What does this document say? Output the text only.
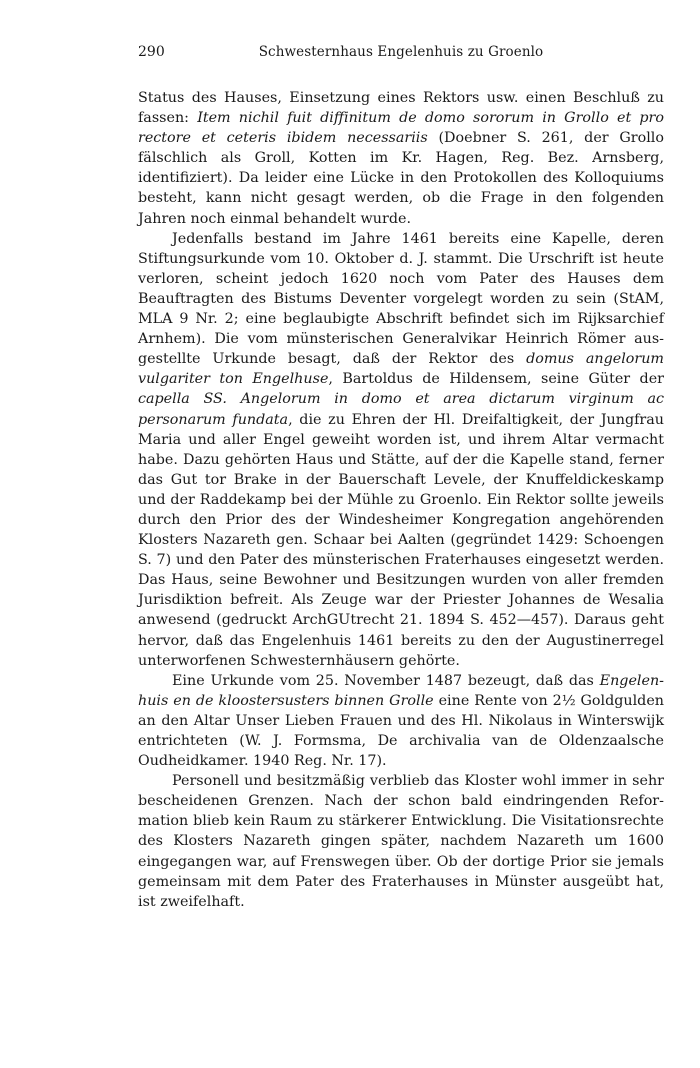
290	Schwesternhaus Engelenhuis zu Groenlo

Status des Hauses, Einsetzung eines Rektors usw. einen Beschluß zu fassen: Item nichil fuit diffinitum de domo sororum in Grollo et pro rectore et ceteris ibidem necessariis (Doebner S. 261, der Grollo fälschlich als Groll, Kotten im Kr. Hagen, Reg. Bez. Arnsberg, identifiziert). Da leider eine Lücke in den Protokollen des Kolloquiums besteht, kann nicht gesagt werden, ob die Frage in den folgenden Jahren noch einmal behandelt wurde.

Jedenfalls bestand im Jahre 1461 bereits eine Kapelle, deren Stiftungsurkunde vom 10. Oktober d. J. stammt. Die Urschrift ist heute verloren, scheint jedoch 1620 noch vom Pater des Hauses dem Beauftragten des Bistums Deventer vorgelegt worden zu sein (StAM, MLA 9 Nr. 2; eine beglaubigte Abschrift befindet sich im Rijksarchief Arnhem). Die vom münsterischen Generalvikar Heinrich Römer ausgestellte Urkunde besagt, daß der Rektor des domus angelorum vulgariter ton Engelhuse, Bartoldus de Hildensem, seine Güter der capella SS. Angelorum in domo et area dictarum virginum ac personarum fundata, die zu Ehren der Hl. Dreifaltigkeit, der Jungfrau Maria und aller Engel geweiht worden ist, und ihrem Altar vermacht habe. Dazu gehörten Haus und Stätte, auf der die Kapelle stand, ferner das Gut tor Brake in der Bauerschaft Levele, der Knuffeldickeskamp und der Raddekamp bei der Mühle zu Groenlo. Ein Rektor sollte jeweils durch den Prior des der Windesheimer Kongregation angehörenden Klosters Nazareth gen. Schaar bei Aalten (gegründet 1429: Schoengen S. 7) und den Pater des münsterischen Fraterhauses eingesetzt werden. Das Haus, seine Bewohner und Besitzungen wurden von aller fremden Jurisdiktion befreit. Als Zeuge war der Priester Johannes de Wesalia anwesend (gedruckt ArchGUtrecht 21. 1894 S. 452—457). Daraus geht hervor, daß das Engelenhuis 1461 bereits zu den der Augustinerregel unterworfenen Schwesternhäusern gehörte.

Eine Urkunde vom 25. November 1487 bezeugt, daß das Engelenhuis en de kloostersusters binnen Grolle eine Rente von 2½ Goldgulden an den Altar Unser Lieben Frauen und des Hl. Nikolaus in Winterswijk entrichteten (W. J. Formsma, De archivalia van de Oldenzaalsche Oudheidkamer. 1940 Reg. Nr. 17).

Personell und besitzmäßig verblieb das Kloster wohl immer in sehr bescheidenen Grenzen. Nach der schon bald eindringenden Reformation blieb kein Raum zu stärkerer Entwicklung. Die Visitationsrechte des Klosters Nazareth gingen später, nachdem Nazareth um 1600 eingegangen war, auf Frenswegen über. Ob der dortige Prior sie jemals gemeinsam mit dem Pater des Fraterhauses in Münster ausgeübt hat, ist zweifelhaft.
